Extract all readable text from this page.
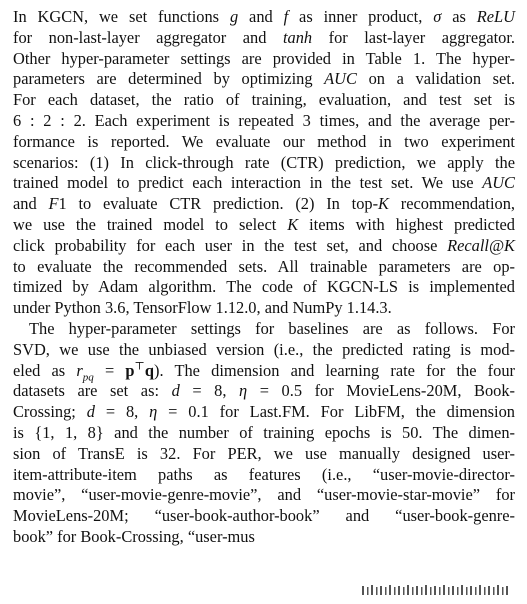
In KGCN, we set functions g and f as inner product, σ as ReLU
for non-last-layer aggregator and tanh for last-layer aggregator.
Other hyper-parameter settings are provided in Table 1. The hyper-
parameters are determined by optimizing AUC on a validation set.
For each dataset, the ratio of training, evaluation, and test set is
6 : 2 : 2. Each experiment is repeated 3 times, and the average per-
formance is reported. We evaluate our method in two experiment
scenarios: (1) In click-through rate (CTR) prediction, we apply the
trained model to predict each interaction in the test set. We use AUC
and F1 to evaluate CTR prediction. (2) In top-K recommendation,
we use the trained model to select K items with highest predicted
click probability for each user in the test set, and choose Recall@K
to evaluate the recommended sets. All trainable parameters are op-
timized by Adam algorithm. The code of KGCN-LS is implemented
under Python 3.6, TensorFlow 1.12.0, and NumPy 1.14.3.

The hyper-parameter settings for baselines are as follows. For
SVD, we use the unbiased version (i.e., the predicted rating is mod-
eled as $r_{pq} = p^⊤q$). The dimension and learning rate for the four
datasets are set as: d = 8, η = 0.5 for MovieLens-20M, Book-
Crossing; d = 8, η = 0.1 for Last.FM. For LibFM, the dimension
is {1, 1, 8} and the number of training epochs is 50. The dimen-
sion of TransE is 32. For PER, we use manually designed user-
item-attribute-item paths as features (i.e., “user-movie-director-
movie”, “user-movie-genre-movie”, and “user-movie-star-movie” for
MovieLens-20M; “user-book-author-book” and “user-book-genre-
book” for Book-Crossing, “user-mus
